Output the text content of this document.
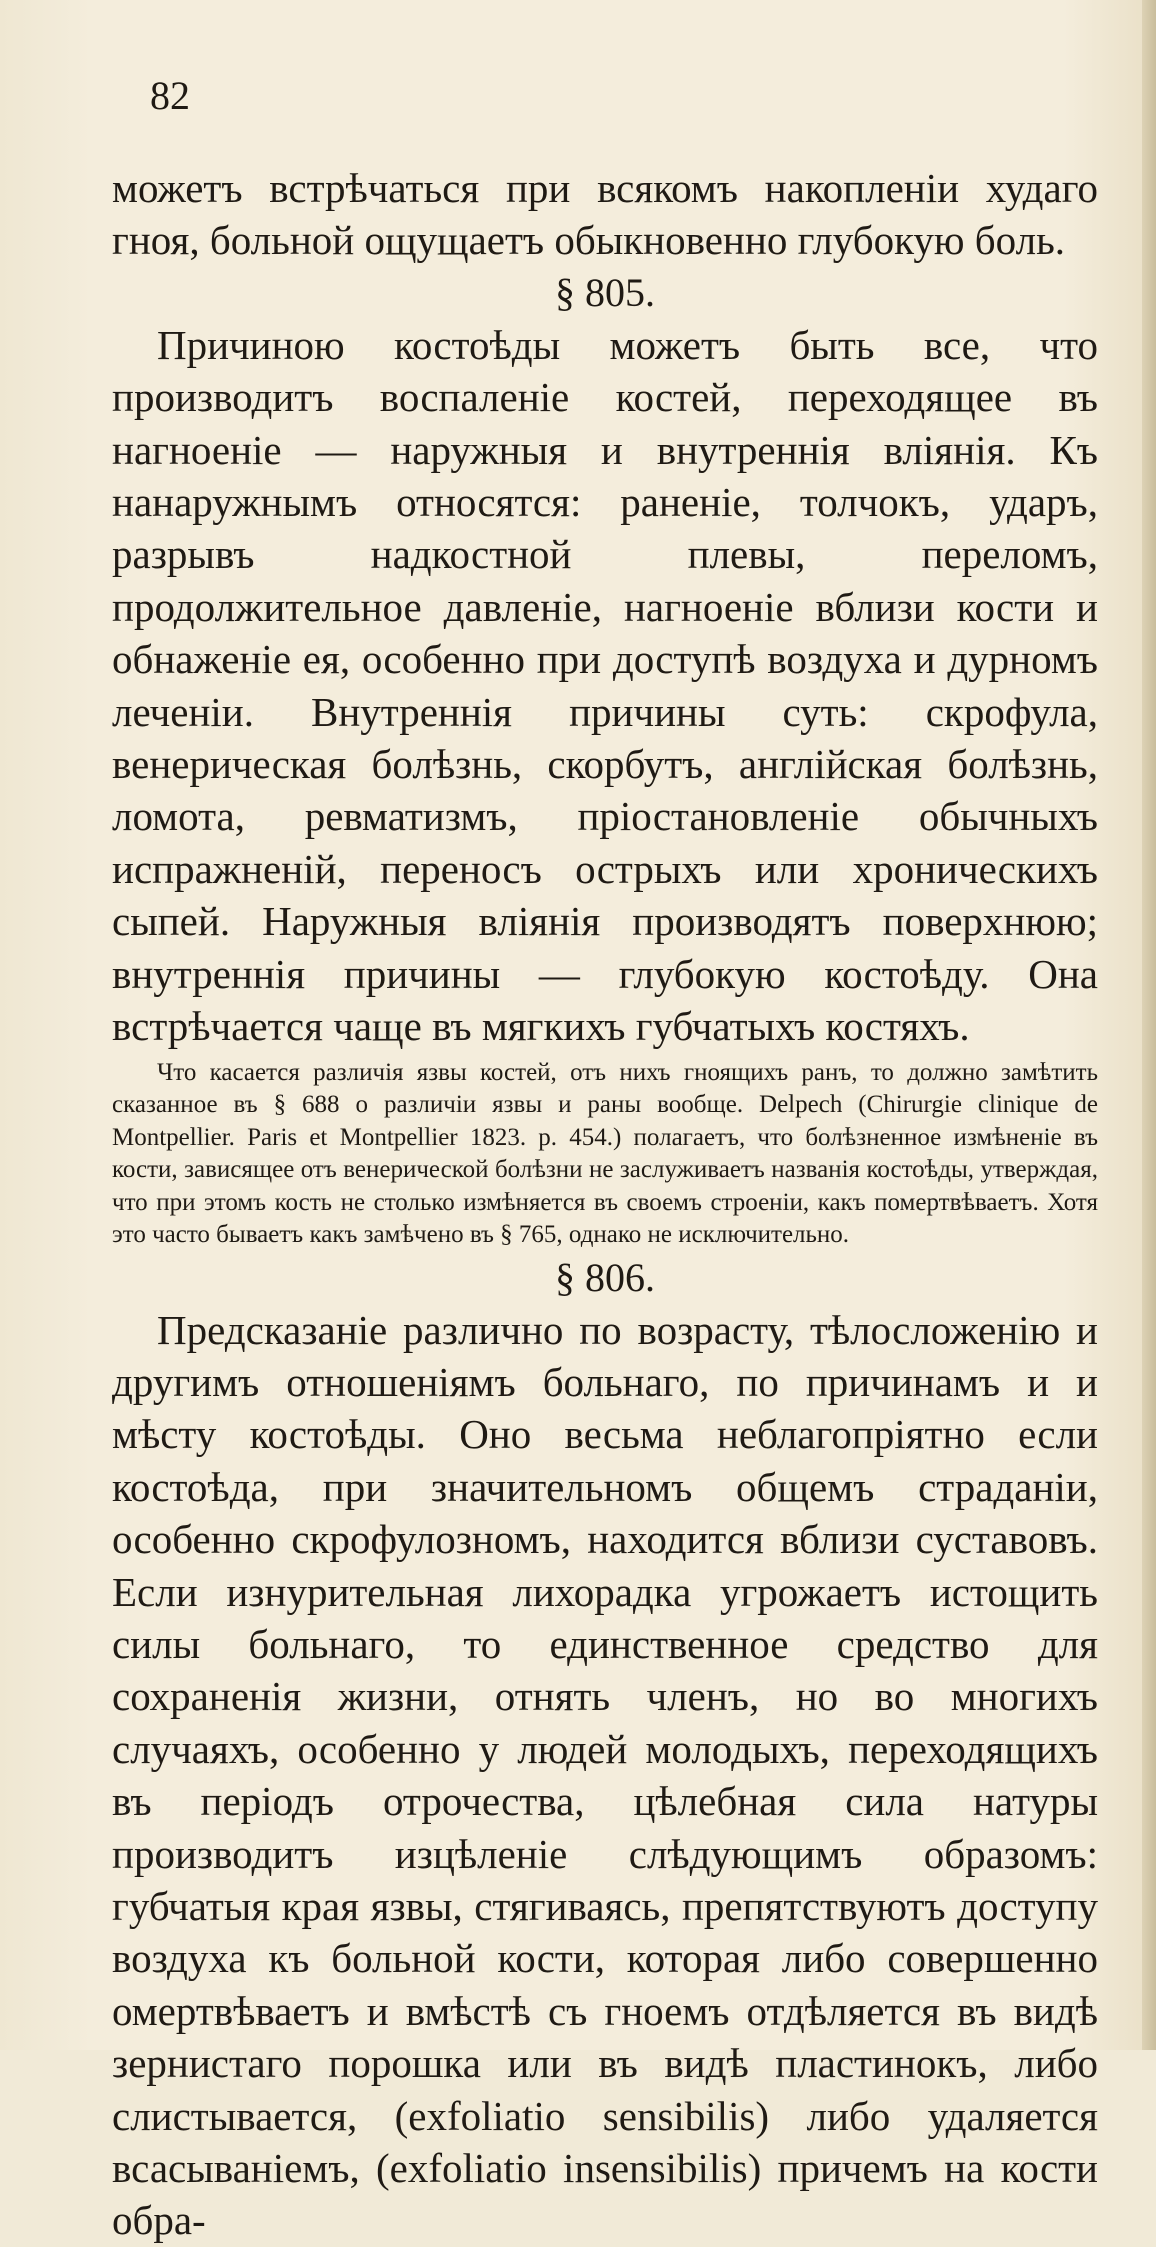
82

можетъ встрѣчаться при всякомъ накопленіи худаго гноя, больной ощущаетъ обыкновенно глубокую боль.

§ 805.

Причиною костоѣды можетъ быть все, что производитъ воспаленіе костей, переходящее въ нагноеніе — наружныя и внутреннія вліянія. Къ нанаружнымъ относятся: раненіе, толчокъ, ударъ, разрывъ надкостной плевы, переломъ, продолжительное давленіе, нагноеніе вблизи кости и обнаженіе ея, особенно при доступѣ воздуха и дурномъ леченіи. Внутреннія причины суть: скрофула, венерическая болѣзнь, скорбутъ, англійская болѣзнь, ломота, ревматизмъ, пріостановленіе обычныхъ испражненій, переносъ острыхъ или хроническихъ сыпей. Наружныя вліянія производятъ поверхнюю; внутреннія причины — глубокую костоѣду. Она встрѣчается чаще въ мягкихъ губчатыхъ костяхъ.

Что касается различія язвы костей, отъ нихъ гноящихъ ранъ, то должно замѣтить сказанное въ § 688 о различіи язвы и раны вообще. Delpech (Chirurgie clinique de Montpellier. Paris et Montpellier 1823. p. 454.) полагаетъ, что болѣзненное измѣненіе въ кости, зависящее отъ венерической болѣзни не заслуживаетъ названія костоѣды, утверждая, что при этомъ кость не столько измѣняется въ своемъ строеніи, какъ помертвѣваетъ. Хотя это часто бываетъ какъ замѣчено въ § 765, однако не исключительно.

§ 806.

Предсказаніе различно по возрасту, тѣлосложенію и другимъ отношеніямъ больнаго, по причинамъ и и мѣсту костоѣды. Оно весьма неблагопріятно если костоѣда, при значительномъ общемъ страданіи, особенно скрофулозномъ, находится вблизи суставовъ. Если изнурительная лихорадка угрожаетъ истощить силы больнаго, то единственное средство для сохраненія жизни, отнять членъ, но во многихъ случаяхъ, особенно у людей молодыхъ, переходящихъ въ періодъ отрочества, цѣлебная сила натуры производитъ изцѣленіе слѣдующимъ образомъ: губчатыя края язвы, стягиваясь, препятствуютъ доступу воздуха къ больной кости, которая либо совершенно омертвѣваетъ и вмѣстѣ съ гноемъ отдѣляется въ видѣ зернистаго порошка или въ видѣ пластинокъ, либо слистывается, (exfoliatio sensibilis) либо удаляется всасываніемъ, (exfoliatio insensibilis) причемъ на кости обра-
